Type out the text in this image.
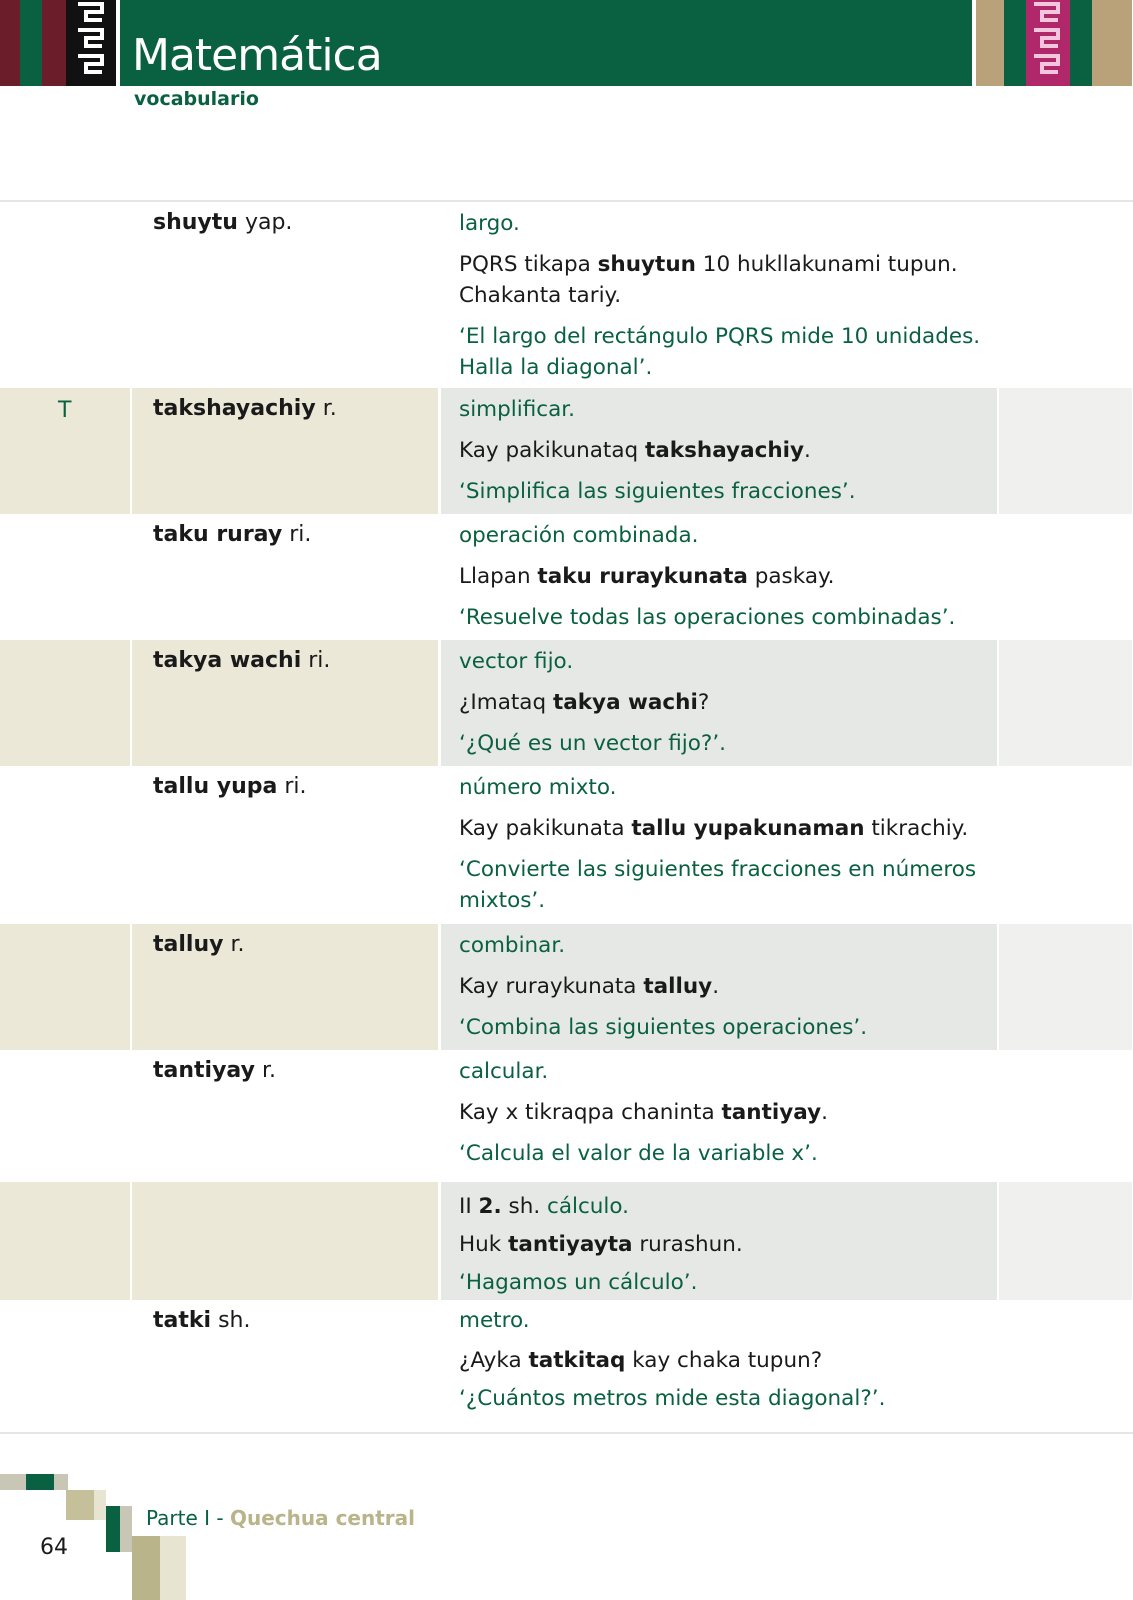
Matemática
vocabulario
shuytu yap.	largo.

PQRS tikapa shuytun 10 hukllakunami tupun. Chakanta tariy.

‘El largo del rectángulo PQRS mide 10 unidades. Halla la diagonal’.

T	takshayachiy r.	simplificar.

Kay pakikunataq takshayachiy.

‘Simplifica las siguientes fracciones’.

taku ruray ri.	operación combinada.

Llapan taku ruraykunata paskay.

‘Resuelve todas las operaciones combinadas’.

takya wachi ri.	vector fijo.

¿Imataq takya wachi?

‘¿Qué es un vector fijo?’.

tallu yupa ri.	número mixto.

Kay pakikunata tallu yupakunaman tikrachiy.

‘Convierte las siguientes fracciones en números mixtos’.

talluy r.	combinar.

Kay ruraykunata talluy.

‘Combina las siguientes operaciones’.

tantiyay r.	calcular.

Kay x tikraqpa chaninta tantiyay.

‘Calcula el valor de la variable x’.

II 2. sh. cálculo.

Huk tantiyayta rurashun.

‘Hagamos un cálculo’.

tatki sh.	metro.

¿Ayka tatkitaq kay chaka tupun?

‘¿Cuántos metros mide esta diagonal?’.

Parte I - Quechua central
64
